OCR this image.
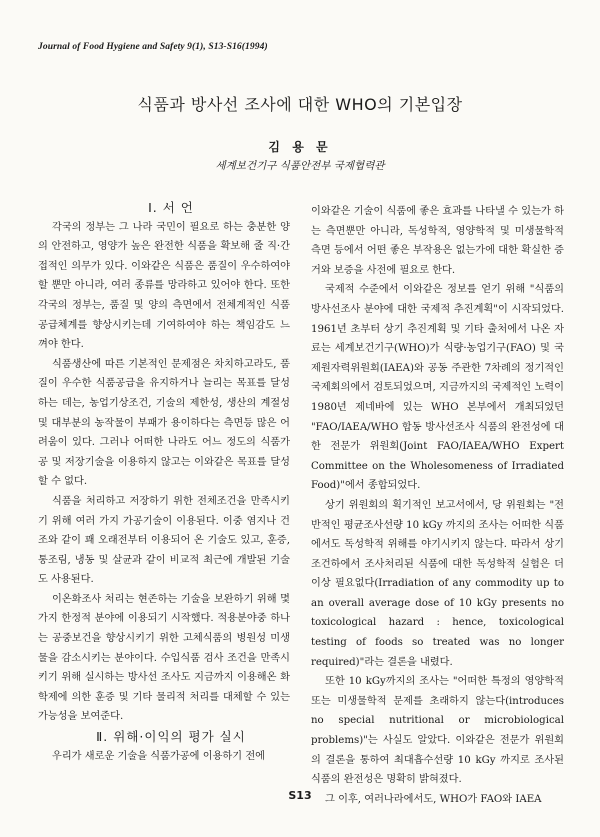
Journal of Food Hygiene and Safety 9(1), S13-S16(1994)
식품과 방사선 조사에 대한 WHO의 기본입장
김 용 문
세계보건기구 식품안전부 국제협력관

Ⅰ. 서 언

각국의 정부는 그 나라 국민이 필요로 하는 충분한 양의 안전하고, 영양가 높은 완전한 식품을 확보해 줄 직·간접적인 의무가 있다. 이와같은 식품은 품질이 우수하여야 할 뿐만 아니라, 여러 종류를 망라하고 있어야 한다. 또한 각국의 정부는, 품질 및 양의 측면에서 전체계적인 식품공급체계를 향상시키는데 기여하여야 하는 책임감도 느껴야 한다.

식품생산에 따른 기본적인 문제점은 차치하고라도, 품질이 우수한 식품공급을 유지하거나 늘리는 목표를 달성하는 데는, 농업기상조건, 기술의 제한성, 생산의 계절성 및 대부분의 농작물이 부패가 용이하다는 측면등 많은 어려움이 있다. 그러나 어떠한 나라도 어느 정도의 식품가공 및 저장기술을 이용하지 않고는 이와같은 목표를 달성할 수 없다.

식품을 처리하고 저장하기 위한 전체조건을 만족시키기 위해 여러 가지 가공기술이 이용된다. 이중 염지나 건조와 같이 꽤 오래전부터 이용되어 온 기술도 있고, 훈증, 통조림, 냉동 및 살균과 같이 비교적 최근에 개발된 기술도 사용된다.

이온화조사 처리는 현존하는 기술을 보완하기 위해 몇가지 한정적 분야에 이용되기 시작했다. 적용분야중 하나는 공중보건을 향상시키기 위한 고체식품의 병원성 미생물을 감소시키는 분야이다. 수입식품 검사 조건을 만족시키기 위해 실시하는 방사선 조사도 지금까지 이용해온 화학제에 의한 훈증 및 기타 물리적 처리를 대체할 수 있는 가능성을 보여준다.

Ⅱ. 위해·이익의 평가 실시

우리가 새로운 기술을 식품가공에 이용하기 전에

이와같은 기술이 식품에 좋은 효과를 나타낼 수 있는가 하는 측면뿐만 아니라, 독성학적, 영양학적 및 미생물학적 측면 등에서 어떤 좋은 부작용은 없는가에 대한 확실한 증거와 보증을 사전에 필요로 한다.

국제적 수준에서 이와같은 정보를 얻기 위해 "식품의 방사선조사 분야에 대한 국제적 추진계획"이 시작되었다. 1961년 초부터 상기 추진계획 및 기타 출처에서 나온 자료는 세계보건기구(WHO)가 식량·농업기구(FAO) 및 국제원자력위원회(IAEA)와 공동 주관한 7차례의 정기적인 국제회의에서 검토되었으며, 지금까지의 국제적인 노력이 1980년 제네바에 있는 WHO 본부에서 개최되었던 "FAO/IAEA/WHO 합동 방사선조사 식품의 완전성에 대한 전문가 위원회(Joint FAO/IAEA/WHO Expert Committee on the Wholesomeness of Irradiated Food)"에서 종합되었다.

상기 위원회의 획기적인 보고서에서, 당 위원회는 "전반적인 평균조사선량 10 kGy 까지의 조사는 어떠한 식품에서도 독성학적 위해를 야기시키지 않는다. 따라서 상기 조건하에서 조사처리된 식품에 대한 독성학적 실험은 더 이상 필요없다(Irradiation of any commodity up to an overall average dose of 10 kGy presents no toxicological hazard : hence, toxicological testing of foods so treated was no longer required)"라는 결론을 내렸다.

또한 10 kGy까지의 조사는 "어떠한 특정의 영양학적 또는 미생물학적 문제를 초래하지 않는다(introduces no special nutritional or microbiological problems)"는 사실도 알았다. 이와같은 전문가 위원회의 결론을 통하여 최대흡수선량 10 kGy 까지로 조사된 식품의 완전성은 명확히 밝혀졌다.

그 이후, 여러나라에서도, WHO가 FAO와 IAEA

S13
